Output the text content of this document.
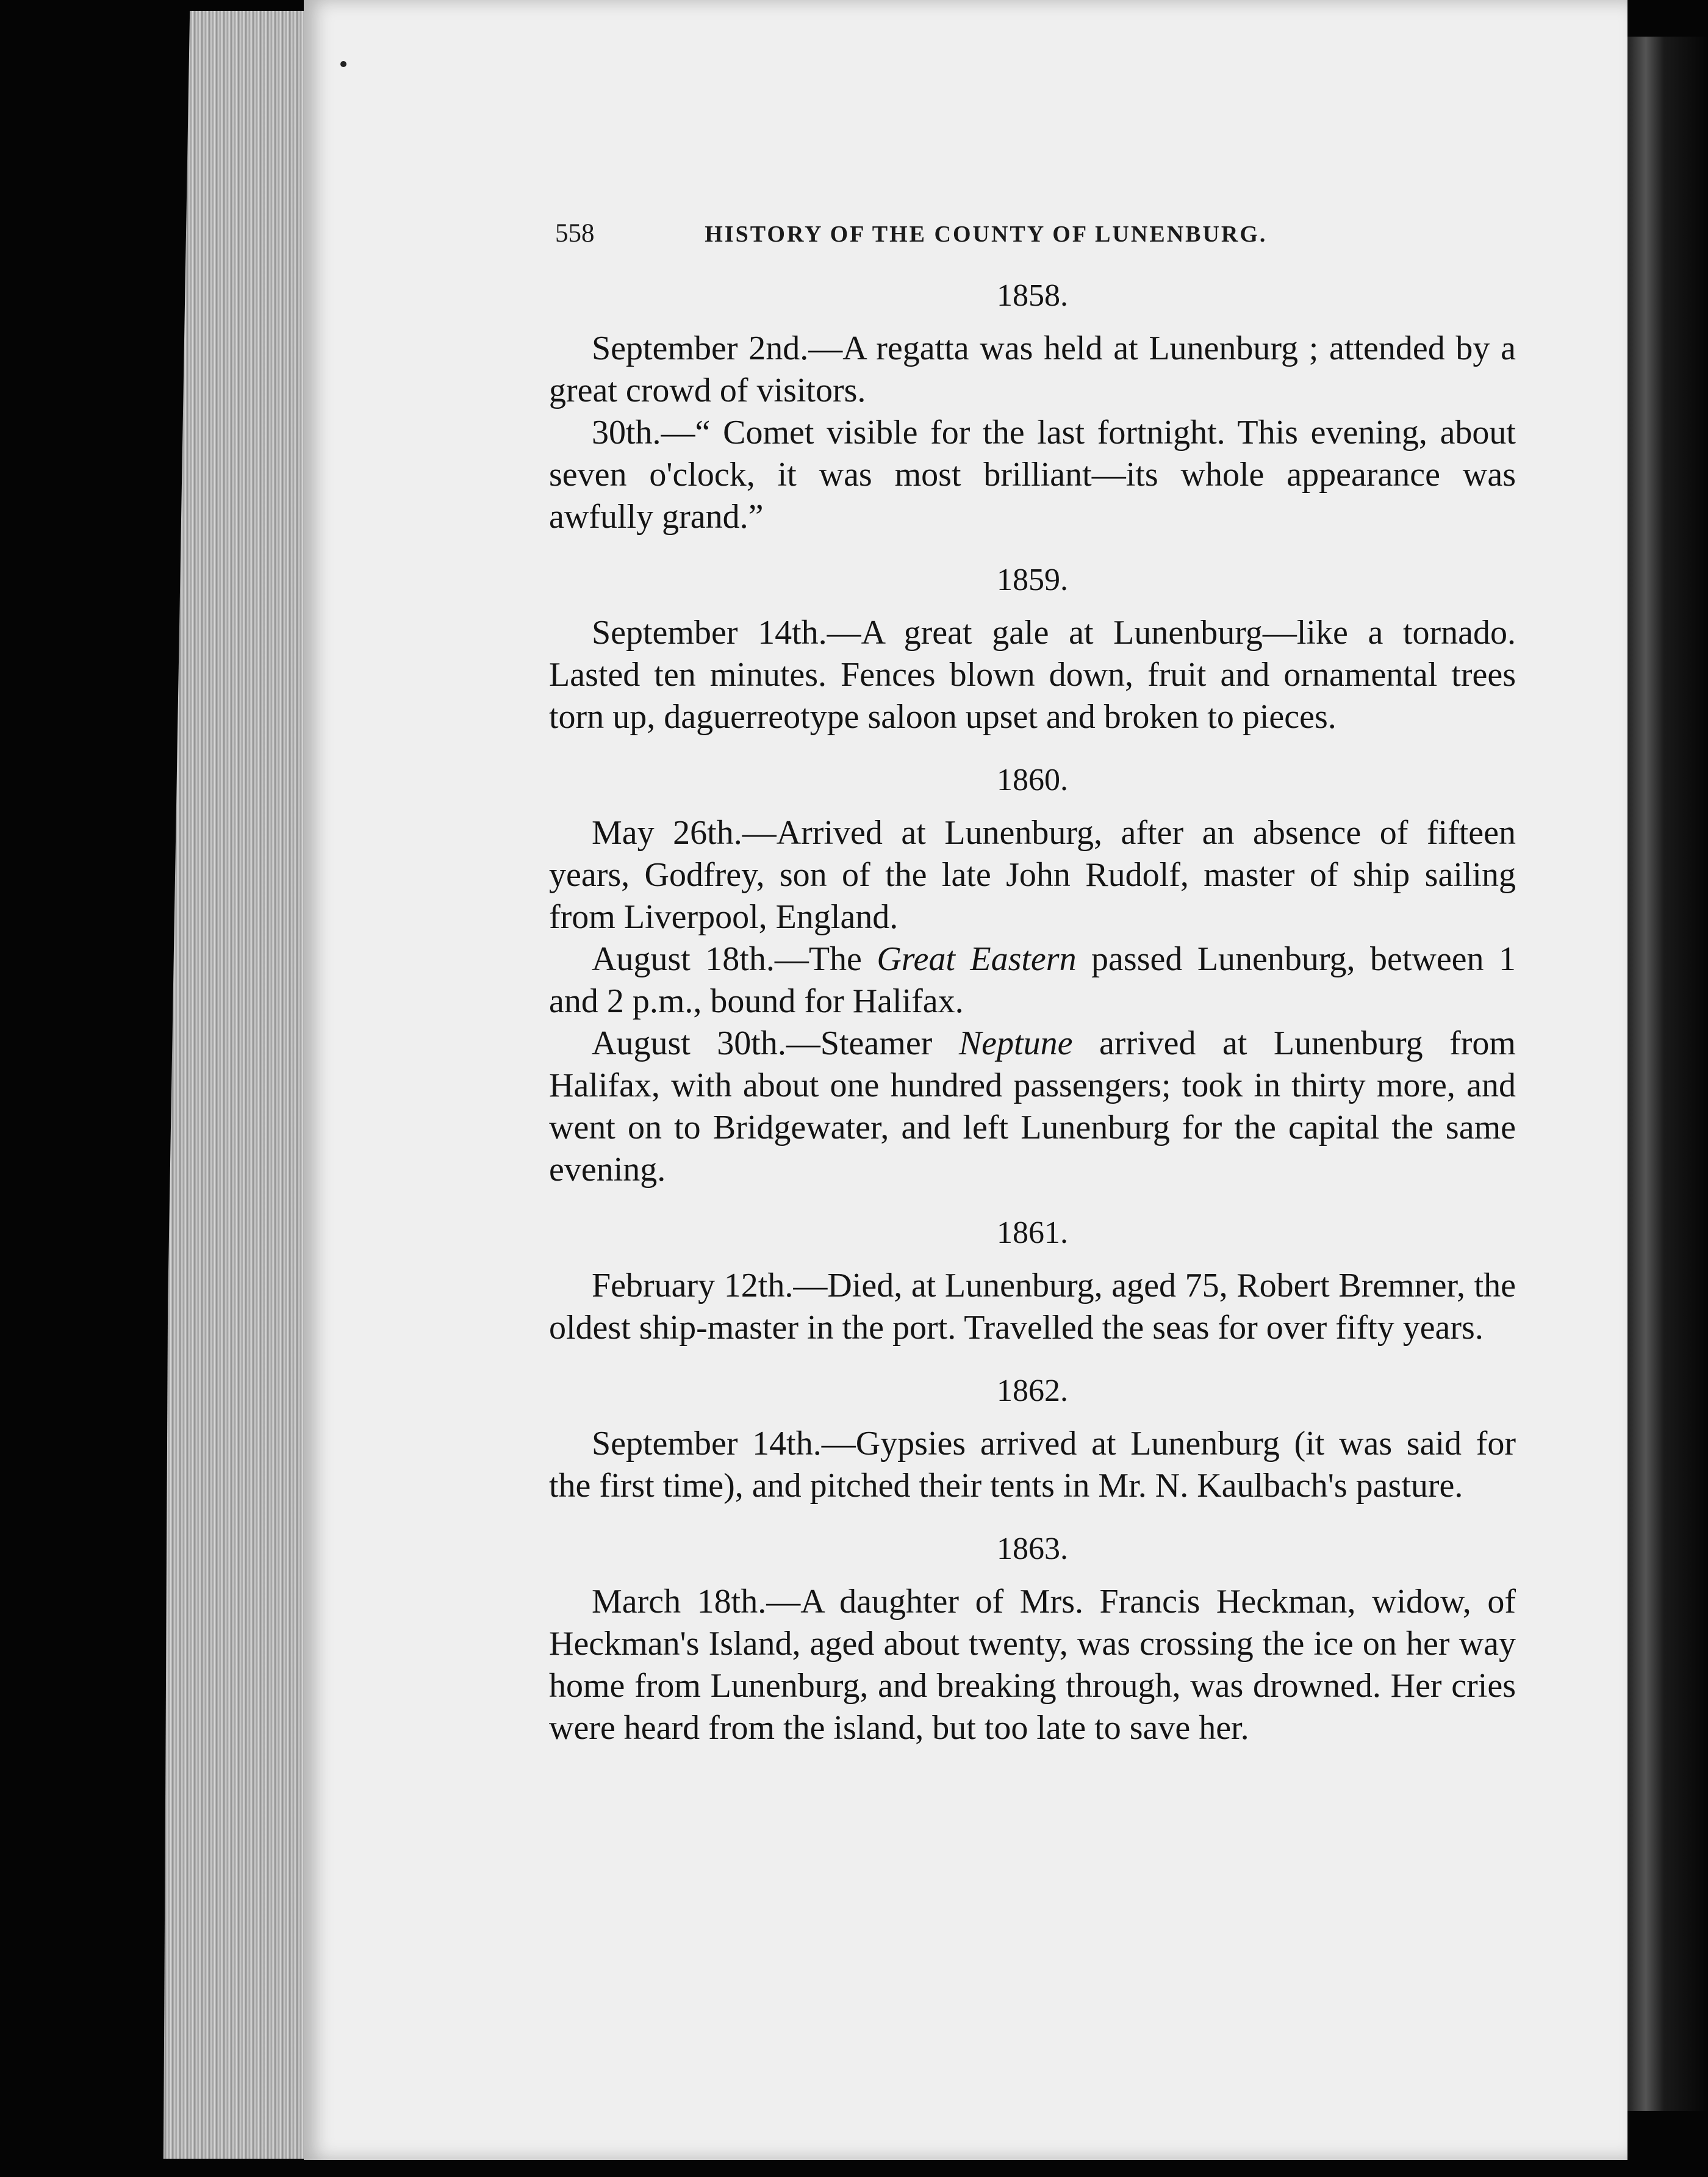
558	HISTORY OF THE COUNTY OF LUNENBURG.
1858.

September 2nd.—A regatta was held at Lunenburg ; attended by a great crowd of visitors.

30th.—“ Comet visible for the last fortnight. This evening, about seven o'clock, it was most brilliant—its whole appearance was awfully grand.”

1859.

September 14th.—A great gale at Lunenburg—like a tornado. Lasted ten minutes. Fences blown down, fruit and ornamental trees torn up, daguerreotype saloon upset and broken to pieces.

1860.

May 26th.—Arrived at Lunenburg, after an absence of fifteen years, Godfrey, son of the late John Rudolf, master of ship sailing from Liverpool, England.

August 18th.—The Great Eastern passed Lunenburg, between 1 and 2 p.m., bound for Halifax.

August 30th.—Steamer Neptune arrived at Lunenburg from Halifax, with about one hundred passengers; took in thirty more, and went on to Bridgewater, and left Lunenburg for the capital the same evening.

1861.

February 12th.—Died, at Lunenburg, aged 75, Robert Bremner, the oldest ship-master in the port. Travelled the seas for over fifty years.

1862.

September 14th.—Gypsies arrived at Lunenburg (it was said for the first time), and pitched their tents in Mr. N. Kaulbach's pasture.

1863.

March 18th.—A daughter of Mrs. Francis Heckman, widow, of Heckman's Island, aged about twenty, was crossing the ice on her way home from Lunenburg, and breaking through, was drowned. Her cries were heard from the island, but too late to save her.
